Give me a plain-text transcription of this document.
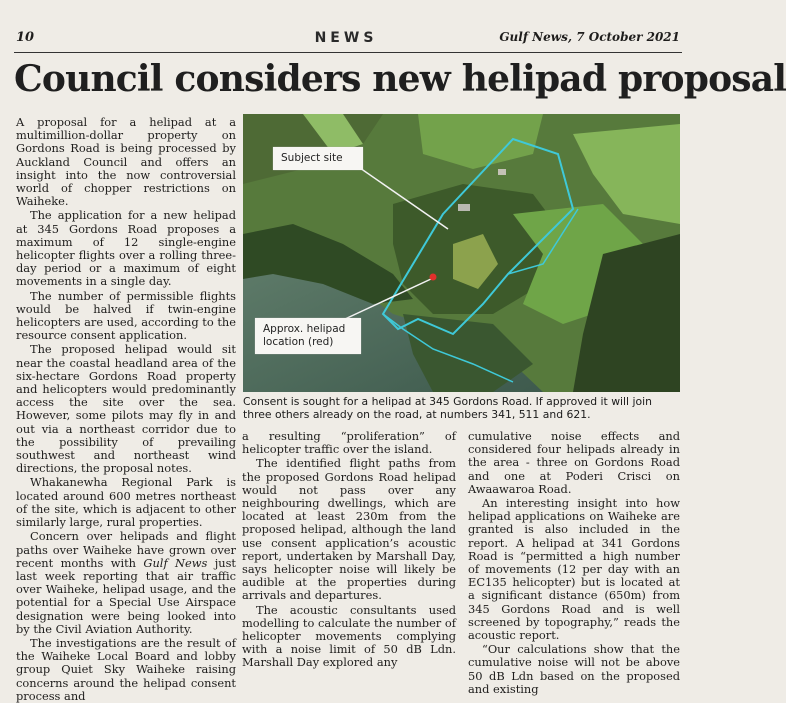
NEWS
10	Gulf News, 7 October 2021
Council considers new helipad proposal

A proposal for a helipad at a multimillion-dollar property on Gordons Road is being processed by Auckland Council and offers an insight into the now controversial world of chopper restrictions on Waiheke.

The application for a new helipad at 345 Gordons Road proposes a maximum of 12 single-engine helicopter flights over a rolling three-day period or a maximum of eight movements in a single day.

The number of permissible flights would be halved if twin-engine helicopters are used, according to the resource consent application.

The proposed helipad would sit near the coastal headland area of the six-hectare Gordons Road property and helicopters would predominantly access the site over the sea. However, some pilots may fly in and out via a northeast corridor due to the possibility of prevailing southwest and northeast wind directions, the proposal notes.

Whakanewha Regional Park is located around 600 metres northeast of the site, which is adjacent to other similarly large, rural properties.

Concern over helipads and flight paths over Waiheke have grown over recent months with Gulf News just last week reporting that air traffic over Waiheke, helipad usage, and the potential for a Special Use Airspace designation were being looked into by the Civil Aviation Authority.

The investigations are the result of the Waiheke Local Board and lobby group Quiet Sky Waiheke raising concerns around the helipad consent process and

Subject site
Approx. helipad location (red)
Consent is sought for a helipad at 345 Gordons Road. If approved it will join three others already on the road, at numbers 341, 511 and 621.

a resulting “proliferation” of helicopter traffic over the island.

The identified flight paths from the proposed Gordons Road helipad would not pass over any neighbouring dwellings, which are located at least 230m from the proposed helipad, although the land use consent application’s acoustic report, undertaken by Marshall Day, says helicopter noise will likely be audible at the properties during arrivals and departures.

The acoustic consultants used modelling to calculate the number of helicopter movements complying with a noise limit of 50 dB Ldn. Marshall Day explored any

cumulative noise effects and considered four helipads already in the area - three on Gordons Road and one at Poderi Crisci on Awaawaroa Road.

An interesting insight into how helipad applications on Waiheke are granted is also included in the report. A helipad at 341 Gordons Road is “permitted a high number of movements (12 per day with an EC135 helicopter) but is located at a significant distance (650m) from 345 Gordons Road and is well screened by topography,” reads the acoustic report.

“Our calculations show that the cumulative noise will not be above 50 dB Ldn based on the proposed and existing
